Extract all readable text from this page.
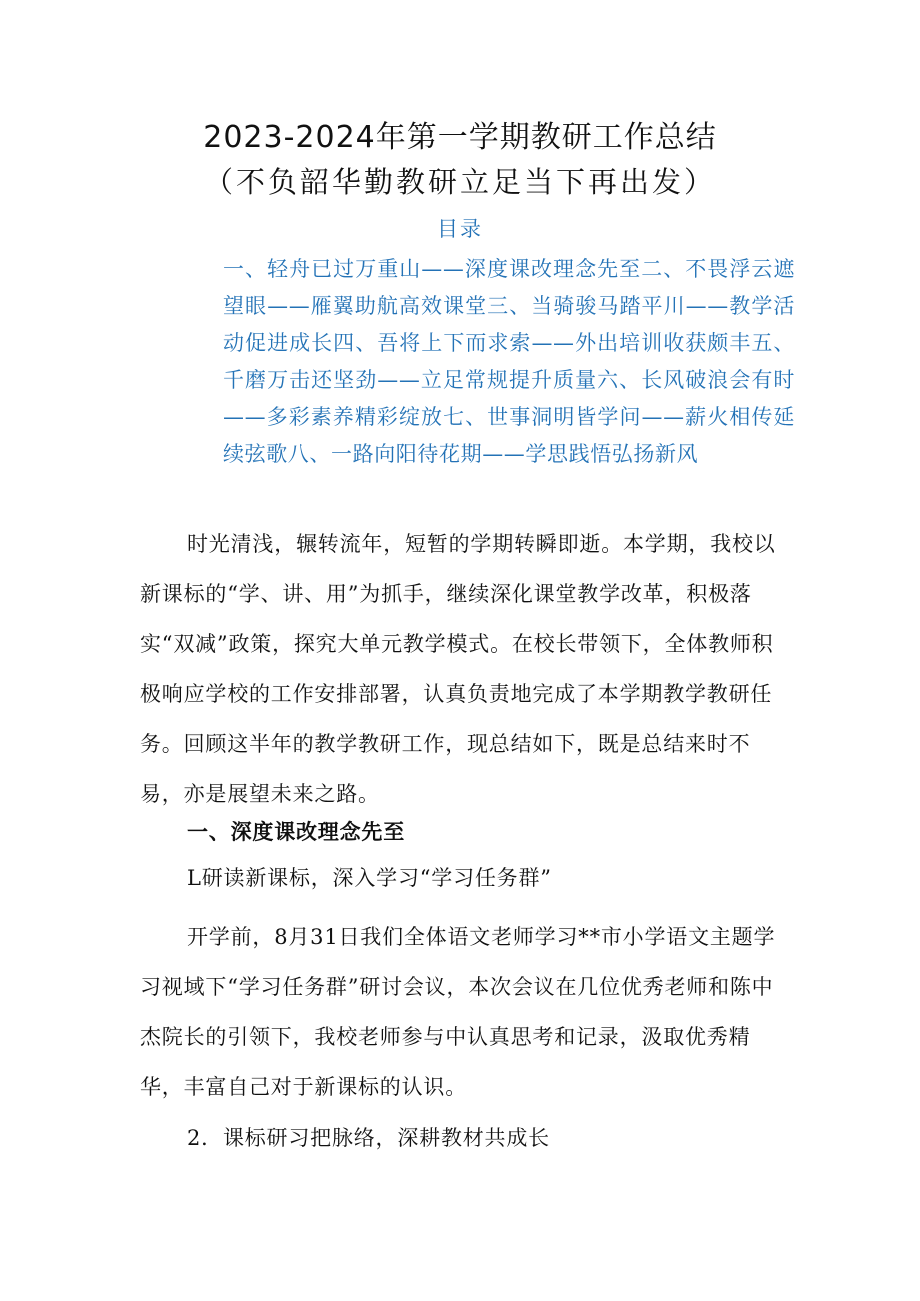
2023-2024年第一学期教研工作总结
（不负韶华勤教研立足当下再出发）
目录
一、轻舟已过万重山——深度课改理念先至二、不畏浮云遮望眼——雁翼助航高效课堂三、当骑骏马踏平川——教学活动促进成长四、吾将上下而求索——外出培训收获颇丰五、千磨万击还坚劲——立足常规提升质量六、长风破浪会有时——多彩素养精彩绽放七、世事洞明皆学问——薪火相传延续弦歌八、一路向阳待花期——学思践悟弘扬新风
时光清浅，辗转流年，短暂的学期转瞬即逝。本学期，我校以新课标的“学、讲、用”为抓手，继续深化课堂教学改革，积极落实“双减”政策，探究大单元教学模式。在校长带领下，全体教师积极响应学校的工作安排部署，认真负责地完成了本学期教学教研任务。回顾这半年的教学教研工作，现总结如下，既是总结来时不易，亦是展望未来之路。
一、深度课改理念先至
L研读新课标，深入学习“学习任务群”
开学前，8月31日我们全体语文老师学习**市小学语文主题学习视域下“学习任务群”研讨会议，本次会议在几位优秀老师和陈中杰院长的引领下，我校老师参与中认真思考和记录，汲取优秀精华，丰富自己对于新课标的认识。
2．课标研习把脉络，深耕教材共成长
